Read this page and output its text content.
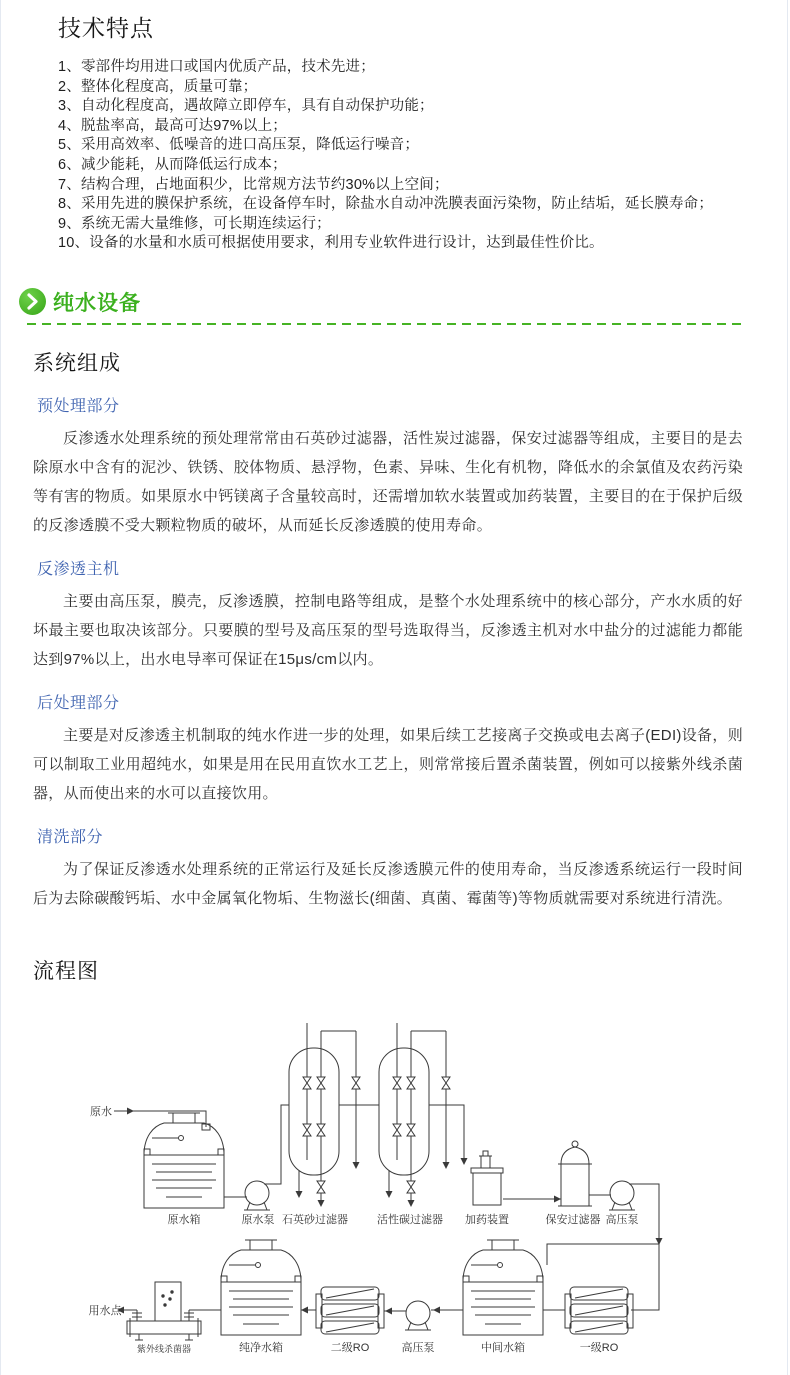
技术特点
1、零部件均用进口或国内优质产品，技术先进；
2、整体化程度高，质量可靠；
3、自动化程度高，遇故障立即停车，具有自动保护功能；
4、脱盐率高，最高可达97%以上；
5、采用高效率、低噪音的进口高压泵，降低运行噪音；
6、减少能耗，从而降低运行成本；
7、结构合理，占地面积少，比常规方法节约30%以上空间；
8、采用先进的膜保护系统，在设备停车时，除盐水自动冲洗膜表面污染物，防止结垢，延长膜寿命；
9、系统无需大量维修，可长期连续运行；
10、设备的水量和水质可根据使用要求，利用专业软件进行设计，达到最佳性价比。
纯水设备
系统组成
预处理部分

反渗透水处理系统的预处理常常由石英砂过滤器，活性炭过滤器，保安过滤器等组成，主要目的是去除原水中含有的泥沙、铁锈、胶体物质、悬浮物，色素、异味、生化有机物，降低水的余氯值及农药污染等有害的物质。如果原水中钙镁离子含量较高时，还需增加软水装置或加药装置，主要目的在于保护后级的反渗透膜不受大颗粒物质的破坏，从而延长反渗透膜的使用寿命。

反渗透主机

主要由高压泵，膜壳，反渗透膜，控制电路等组成，是整个水处理系统中的核心部分，产水水质的好坏最主要也取决该部分。只要膜的型号及高压泵的型号选取得当，反渗透主机对水中盐分的过滤能力都能达到97%以上，出水电导率可保证在15μs/cm以内。

后处理部分

主要是对反渗透主机制取的纯水作进一步的处理，如果后续工艺接离子交换或电去离子(EDI)设备，则可以制取工业用超纯水，如果是用在民用直饮水工艺上，则常常接后置杀菌装置，例如可以接紫外线杀菌器，从而使出来的水可以直接饮用。

清洗部分

为了保证反渗透水处理系统的正常运行及延长反渗透膜元件的使用寿命，当反渗透系统运行一段时间后为去除碳酸钙垢、水中金属氧化物垢、生物滋长(细菌、真菌、霉菌等)等物质就需要对系统进行清洗。

流程图
原水
原水箱	原水泵 石英砂过滤器	活性碳过滤器 加药装置	保安过滤器 高压泵
一级RO
中间水箱
高压泵
二级RO
纯净水箱
紫外线杀菌器
用水点
